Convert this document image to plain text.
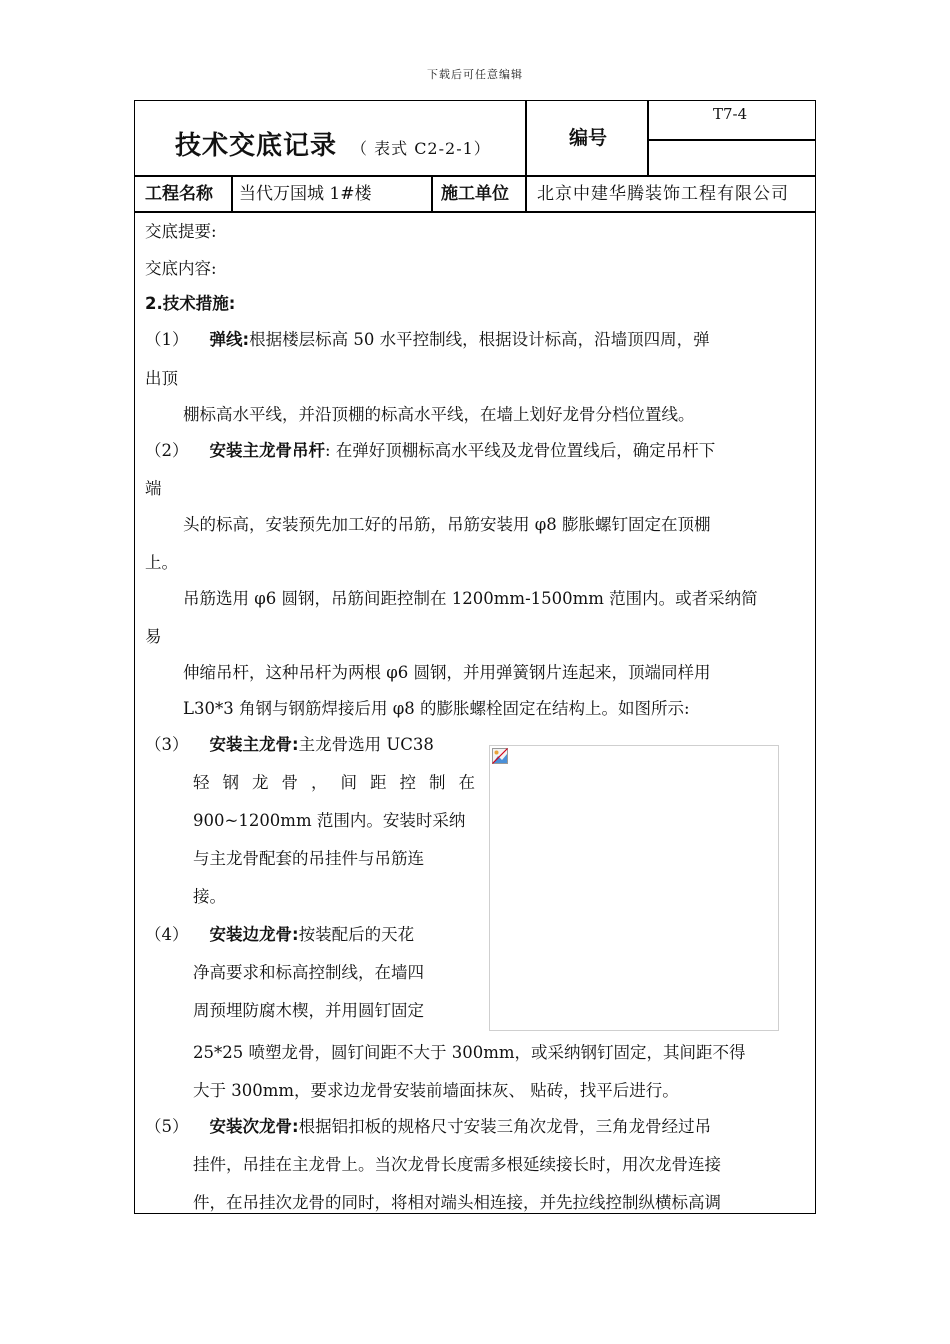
下载后可任意编辑
技术交底记录 （ 表式 C2-2-1）	编号
T7-4
工程名称 当代万国城 1#楼	施工单位 北京中建华腾装饰工程有限公司
交底提要:
交底内容:
2.技术措施:
（1） 弹线:根据楼层标高 50 水平控制线，根据设计标高，沿墙顶四周，弹
出顶
棚标高水平线，并沿顶棚的标高水平线，在墙上划好龙骨分档位置线。
（2） 安装主龙骨吊杆: 在弹好顶棚标高水平线及龙骨位置线后，确定吊杆下
端
头的标高，安装预先加工好的吊筋，吊筋安装用 φ8 膨胀螺钉固定在顶棚
上。
吊筋选用 φ6 圆钢，吊筋间距控制在 1200mm-1500mm 范围内。或者采纳简
易
伸缩吊杆，这种吊杆为两根 φ6 圆钢，并用弹簧钢片连起来，顶端同样用
L30*3 角钢与钢筋焊接后用 φ8 的膨胀螺栓固定在结构上。如图所示:
（3） 安装主龙骨:主龙骨选用 UC38
轻 钢 龙 骨 ， 间 距 控 制 在
900~1200mm 范围内。安装时采纳
与主龙骨配套的吊挂件与吊筋连
接。
（4） 安装边龙骨:按装配后的天花
净高要求和标高控制线，在墙四
周预埋防腐木楔，并用圆钉固定
25*25 喷塑龙骨，圆钉间距不大于 300mm，或采纳钢钉固定，其间距不得
大于 300mm，要求边龙骨安装前墙面抹灰、 贴砖，找平后进行。
（5） 安装次龙骨:根据铝扣板的规格尺寸安装三角次龙骨，三角龙骨经过吊
挂件，吊挂在主龙骨上。当次龙骨长度需多根延续接长时，用次龙骨连接
件，在吊挂次龙骨的同时，将相对端头相连接，并先拉线控制纵横标高调
